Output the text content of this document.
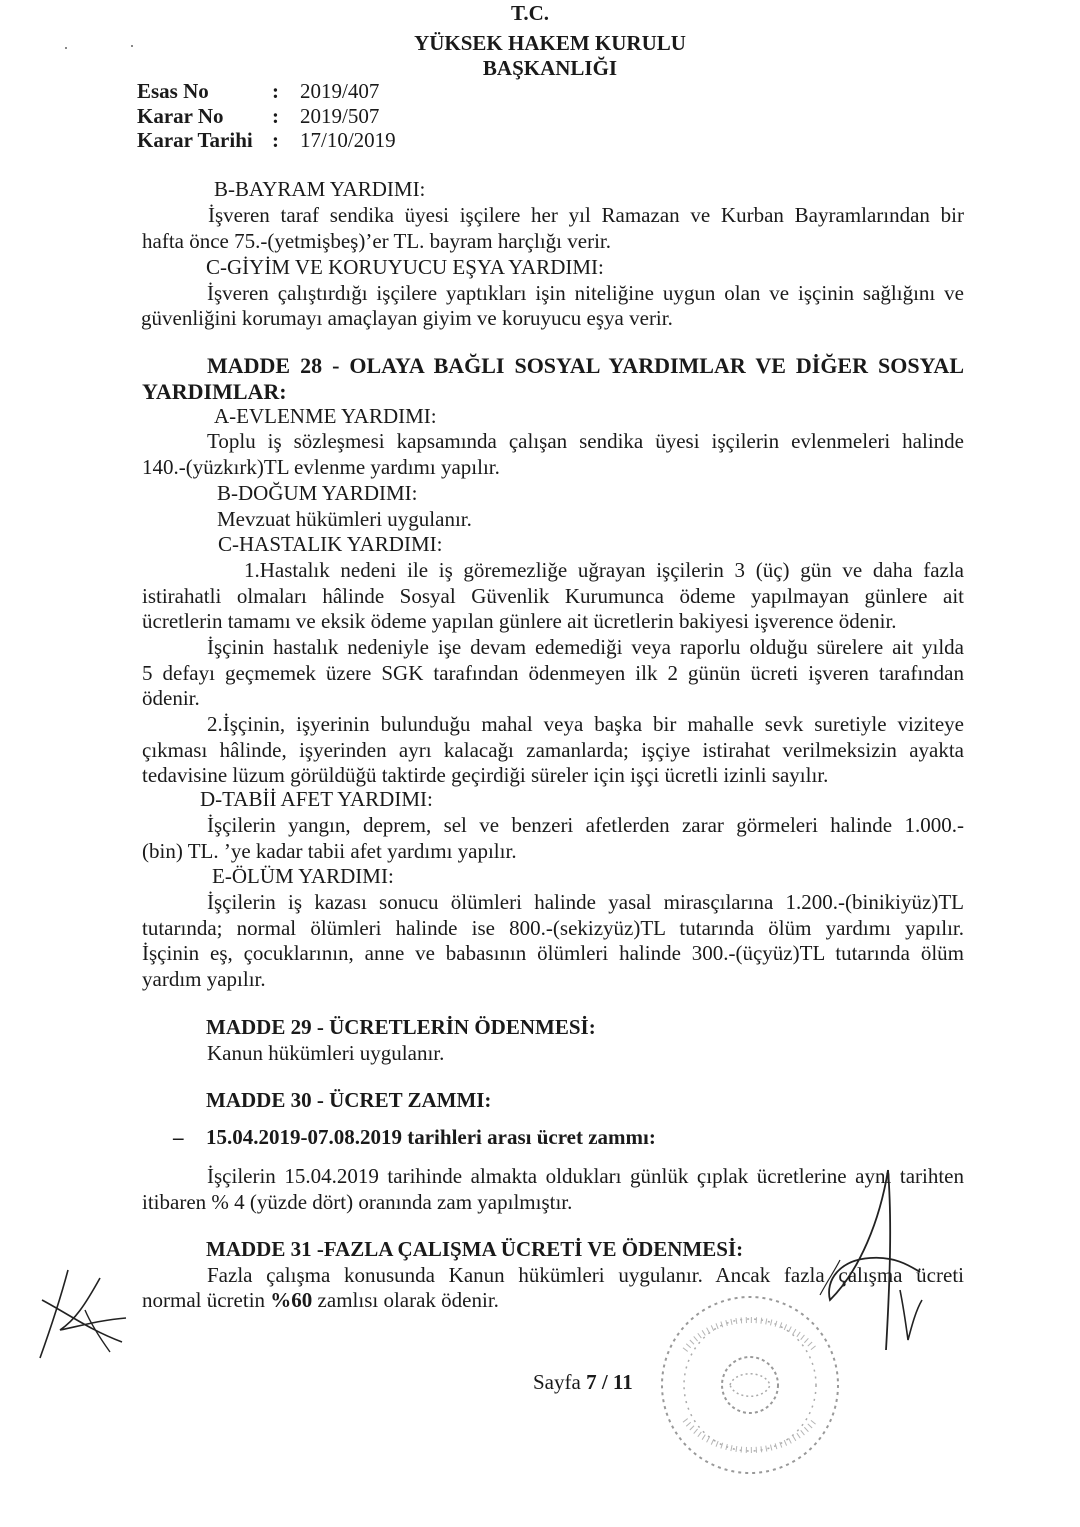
T.C.
YÜKSEK HAKEM KURULU
BAŞKANLIĞI
Esas No	: 2019/407
Karar No : 2019/507
Karar Tarihi : 17/10/2019
B-BAYRAM YARDIMI:
İşveren taraf sendika üyesi işçilere her yıl Ramazan ve Kurban Bayramlarından bir
hafta önce 75.-(yetmişbeş)’er TL. bayram harçlığı verir.
C-GİYİM VE KORUYUCU EŞYA YARDIMI:
İşveren çalıştırdığı işçilere yaptıkları işin niteliğine uygun olan ve işçinin sağlığını ve
güvenliğini korumayı amaçlayan giyim ve koruyucu eşya verir.
MADDE 28 - OLAYA BAĞLI SOSYAL YARDIMLAR VE DİĞER SOSYAL
YARDIMLAR:
A-EVLENME YARDIMI:
Toplu iş sözleşmesi kapsamında çalışan sendika üyesi işçilerin evlenmeleri halinde
140.-(yüzkırk)TL evlenme yardımı yapılır.
B-DOĞUM YARDIMI:
Mevzuat hükümleri uygulanır.
C-HASTALIK YARDIMI:
1.Hastalık nedeni ile iş göremezliğe uğrayan işçilerin 3 (üç) gün ve daha fazla
istirahatli olmaları hâlinde Sosyal Güvenlik Kurumunca ödeme yapılmayan günlere ait
ücretlerin tamamı ve eksik ödeme yapılan günlere ait ücretlerin bakiyesi işverence ödenir.
İşçinin hastalık nedeniyle işe devam edemediği veya raporlu olduğu sürelere ait yılda
5 defayı geçmemek üzere SGK tarafından ödenmeyen ilk 2 günün ücreti işveren tarafından
ödenir.
2.İşçinin, işyerinin bulunduğu mahal veya başka bir mahalle sevk suretiyle viziteye
çıkması hâlinde, işyerinden ayrı kalacağı zamanlarda; işçiye istirahat verilmeksizin ayakta
tedavisine lüzum görüldüğü taktirde geçirdiği süreler için işçi ücretli izinli sayılır.
D-TABİİ AFET YARDIMI:
İşçilerin yangın, deprem, sel ve benzeri afetlerden zarar görmeleri halinde 1.000.-
(bin) TL. ’ye kadar tabii afet yardımı yapılır.
E-ÖLÜM YARDIMI:
İşçilerin iş kazası sonucu ölümleri halinde yasal mirasçılarına 1.200.-(binikiyüz)TL
tutarında; normal ölümleri halinde ise 800.-(sekizyüz)TL tutarında ölüm yardımı yapılır.
İşçinin eş, çocuklarının, anne ve babasının ölümleri halinde 300.-(üçyüz)TL tutarında ölüm
yardım yapılır.
MADDE 29 - ÜCRETLERİN ÖDENMESİ:
Kanun hükümleri uygulanır.
MADDE 30 - ÜCRET ZAMMI:
– 15.04.2019-07.08.2019 tarihleri arası ücret zammı:
İşçilerin 15.04.2019 tarihinde almakta oldukları günlük çıplak ücretlerine aynı tarihten
itibaren % 4 (yüzde dört) oranında zam yapılmıştır.
MADDE 31 -FAZLA ÇALIŞMA ÜCRETİ VE ÖDENMESİ:
Fazla çalışma konusunda Kanun hükümleri uygulanır. Ancak fazla çalışma ücreti
normal ücretin %60 zamlısı olarak ödenir.
Sayfa 7 / 11
